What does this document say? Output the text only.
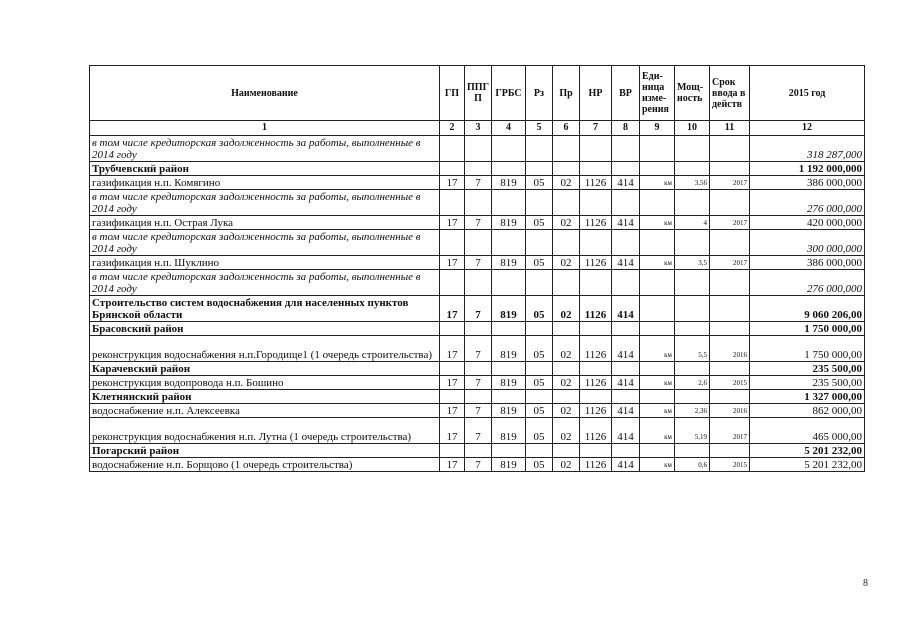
Наименование	ГП	ППГ П	ГРБС	Рз	Пр	НР	ВР	Еди- ница изме- рения	Мощ- ность	Срок ввода в действ	2015 год
1	2	3	4	5	6	7	8	9	10	11	12
в том числе кредиторская задолженность за работы, выполненные в 2014 году											318 287,000
Трубчевский район											1 192 000,000
газификация н.п. Комягино	17	7	819	05	02	1126	414	км	3,56	2017	386 000,000
в том числе кредиторская задолженность за работы, выполненные в 2014 году											276 000,000
газификация н.п. Острая Лука	17	7	819	05	02	1126	414	км	4	2017	420 000,000
в том числе кредиторская задолженность за работы, выполненные в 2014 году											300 000,000
газификация н.п. Шуклино	17	7	819	05	02	1126	414	км	3,5	2017	386 000,000
в том числе кредиторская задолженность за работы, выполненные в 2014 году											276 000,000
Строительство систем водоснабжения для населенных пунктов Брянской области	17	7	819	05	02	1126	414				9 060 206,00
Брасовский район											1 750 000,00
реконструкция водоснабжения н.п.Городище1 (1 очередь строительства)	17	7	819	05	02	1126	414	км	5,5	2016	1 750 000,00
Карачевский район											235 500,00
реконструкция водопровода н.п. Бошино	17	7	819	05	02	1126	414	км	2,6	2015	235 500,00
Клетнянский район											1 327 000,00
водоснабжение н.п. Алексеевка	17	7	819	05	02	1126	414	км	2,36	2016	862 000,00
реконструкция водоснабжения н.п. Лутна (1 очередь строительства)	17	7	819	05	02	1126	414	км	5,19	2017	465 000,00
Погарский район											5 201 232,00
водоснабжение н.п. Борщово (1 очередь строительства)	17	7	819	05	02	1126	414	км	0,6	2015	5 201 232,00
8
